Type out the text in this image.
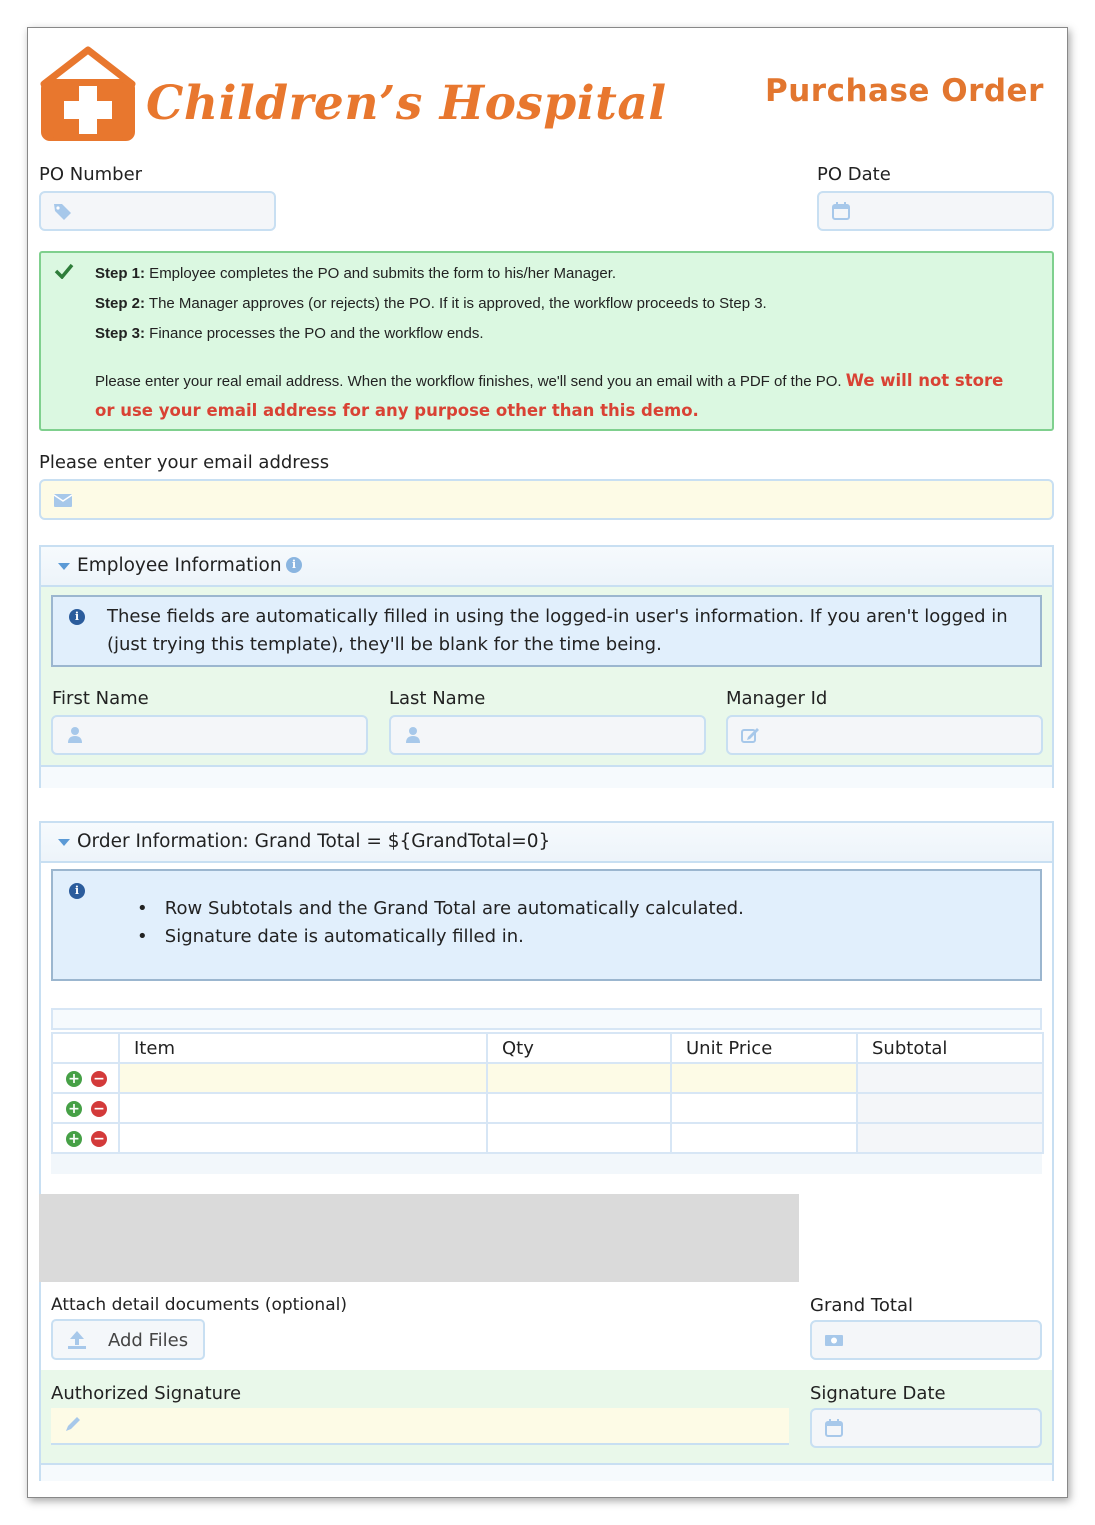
Children’s Hospital	Purchase Order
PO Number	PO Date
Step 1: Employee completes the PO and submits the form to his/her Manager.
Step 2: The Manager approves (or rejects) the PO. If it is approved, the workflow proceeds to Step 3.
Step 3: Finance processes the PO and the workflow ends.
Please enter your real email address. When the workflow finishes, we'll send you an email with a PDF of the PO. We will not store
or use your email address for any purpose other than this demo.
Please enter your email address
Employee Information i
i	These fields are automatically filled in using the logged-in user's information. If you aren't logged in (just trying this template), they'll be blank for the time being.
First Name	Last Name	Manager Id
Order Information: Grand Total = ${GrandTotal=0}
i
•   Row Subtotals and the Grand Total are automatically calculated.
•   Signature date is automatically filled in.
	Item	Qty	Unit Price	Subtotal
+ −				
+ −				
+ −				
Attach detail documents (optional)
Add Files
Grand Total
Authorized Signature	Signature Date
